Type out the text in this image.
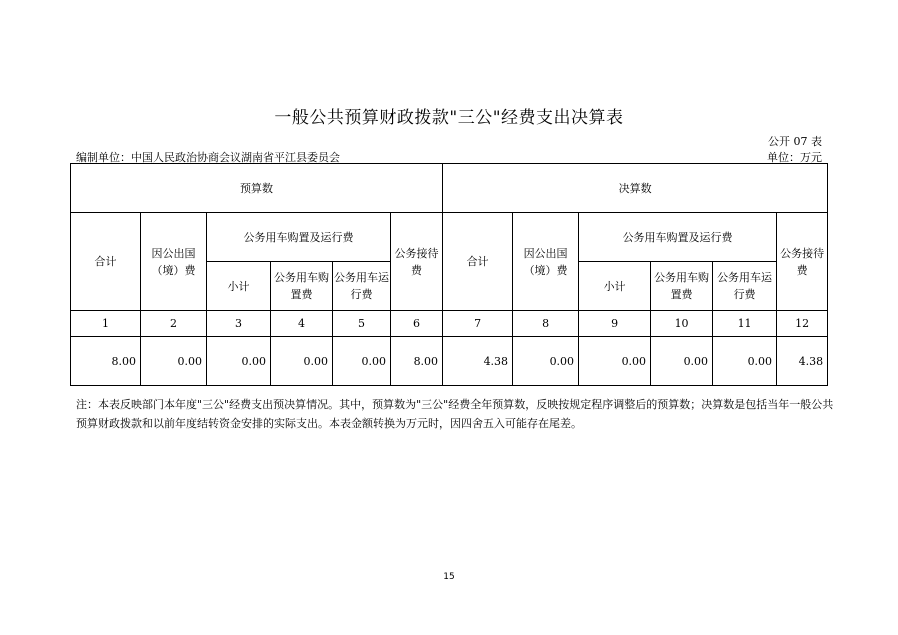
一般公共预算财政拨款"三公"经费支出决算表
公开 07 表
编制单位：中国人民政治协商会议湖南省平江县委员会	单位：万元
预算数						决算数					
合计	因公出国（境）费	公务用车购置及运行费			公务接待费	合计	因公出国（境）费	公务用车购置及运行费			公务接待费
		小计	公务用车购置费	公务用车运行费				小计	公务用车购置费	公务用车运行费	
1	2	3	4	5	6	7	8	9	10	11	12
8.00	0.00	0.00	0.00	0.00	8.00	4.38	0.00	0.00	0.00	0.00	4.38
注：本表反映部门本年度"三公"经费支出预决算情况。其中，预算数为"三公"经费全年预算数，反映按规定程序调整后的预算数；决算数是包括当年一般公共预算财政拨款和以前年度结转资金安排的实际支出。本表金额转换为万元时，因四舍五入可能存在尾差。
15
